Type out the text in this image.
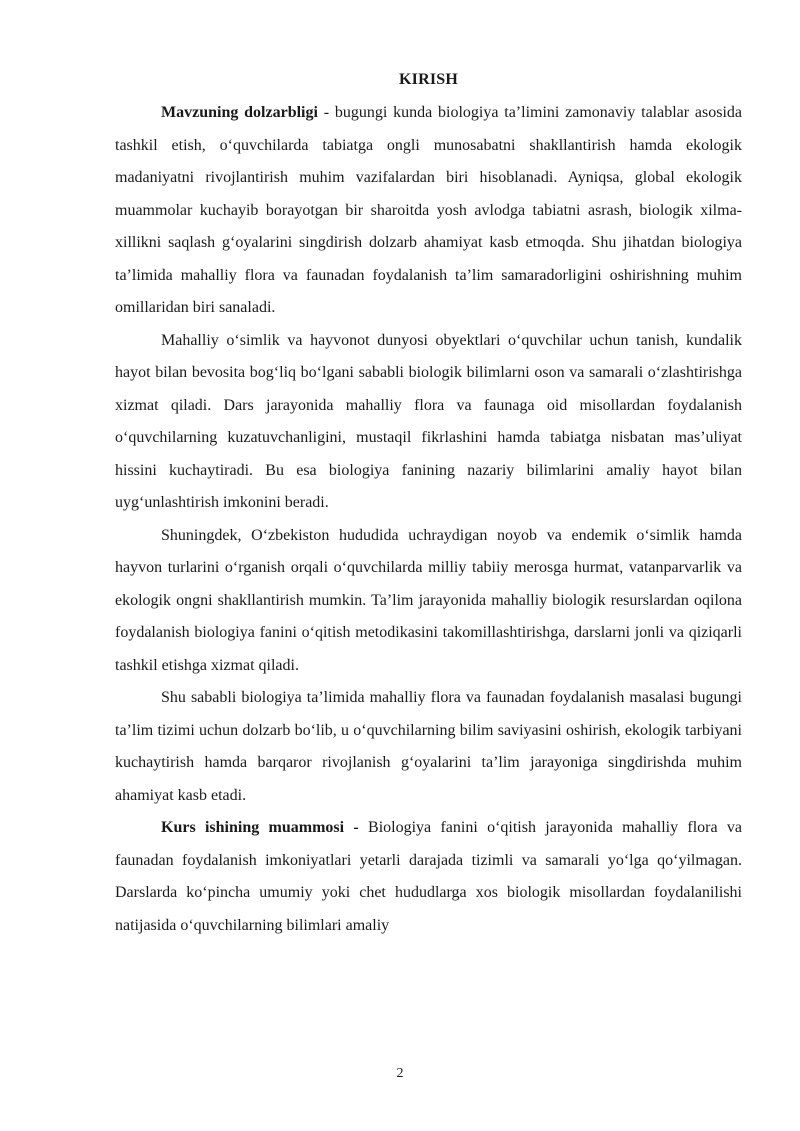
KIRISH

Mavzuning dolzarbligi - bugungi kunda biologiya ta’limini zamonaviy talablar asosida tashkil etish, o‘quvchilarda tabiatga ongli munosabatni shakllantirish hamda ekologik madaniyatni rivojlantirish muhim vazifalardan biri hisoblanadi. Ayniqsa, global ekologik muammolar kuchayib borayotgan bir sharoitda yosh avlodga tabiatni asrash, biologik xilma-xillikni saqlash g‘oyalarini singdirish dolzarb ahamiyat kasb etmoqda. Shu jihatdan biologiya ta’limida mahalliy flora va faunadan foydalanish ta’lim samaradorligini oshirishning muhim omillaridan biri sanaladi.

Mahalliy o‘simlik va hayvonot dunyosi obyektlari o‘quvchilar uchun tanish, kundalik hayot bilan bevosita bog‘liq bo‘lgani sababli biologik bilimlarni oson va samarali o‘zlashtirishga xizmat qiladi. Dars jarayonida mahalliy flora va faunaga oid misollardan foydalanish o‘quvchilarning kuzatuvchanligini, mustaqil fikrlashini hamda tabiatga nisbatan mas’uliyat hissini kuchaytiradi. Bu esa biologiya fanining nazariy bilimlarini amaliy hayot bilan uyg‘unlashtirish imkonini beradi.

Shuningdek, O‘zbekiston hududida uchraydigan noyob va endemik o‘simlik hamda hayvon turlarini o‘rganish orqali o‘quvchilarda milliy tabiiy merosga hurmat, vatanparvarlik va ekologik ongni shakllantirish mumkin. Ta’lim jarayonida mahalliy biologik resurslardan oqilona foydalanish biologiya fanini o‘qitish metodikasini takomillashtirishga, darslarni jonli va qiziqarli tashkil etishga xizmat qiladi.

Shu sababli biologiya ta’limida mahalliy flora va faunadan foydalanish masalasi bugungi ta’lim tizimi uchun dolzarb bo‘lib, u o‘quvchilarning bilim saviyasini oshirish, ekologik tarbiyani kuchaytirish hamda barqaror rivojlanish g‘oyalarini ta’lim jarayoniga singdirishda muhim ahamiyat kasb etadi.

Kurs ishining muammosi - Biologiya fanini o‘qitish jarayonida mahalliy flora va faunadan foydalanish imkoniyatlari yetarli darajada tizimli va samarali yo‘lga qo‘yilmagan. Darslarda ko‘pincha umumiy yoki chet hududlarga xos biologik misollardan foydalanilishi natijasida o‘quvchilarning bilimlari amaliy

2
